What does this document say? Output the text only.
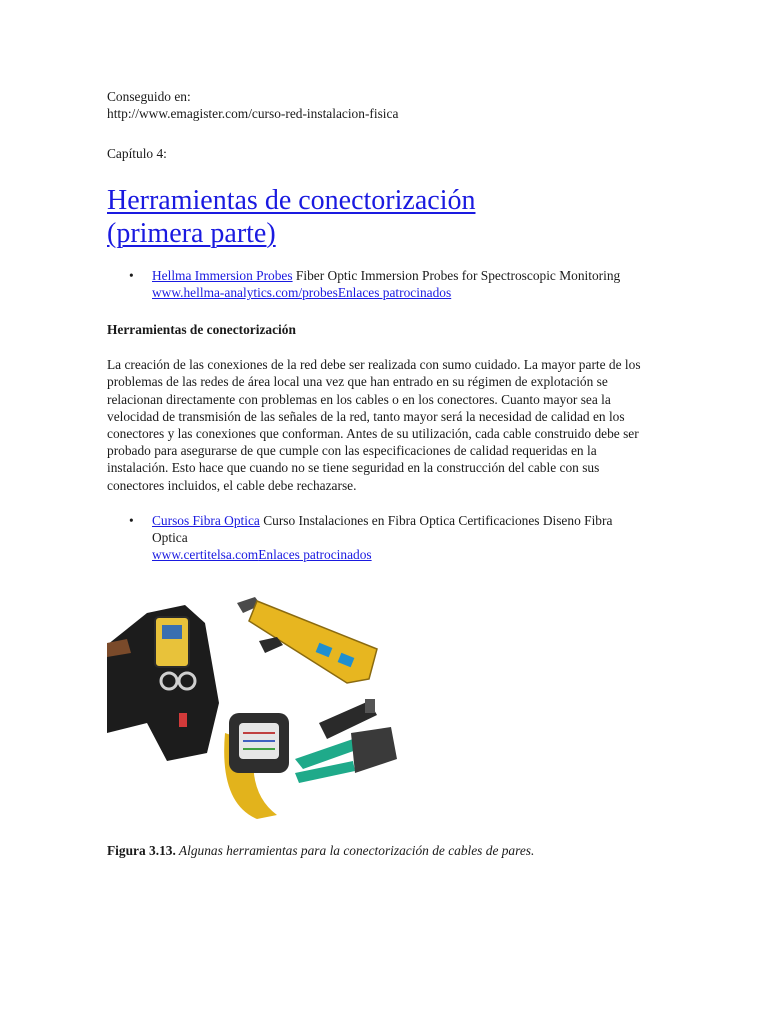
Conseguido en:
http://www.emagister.com/curso-red-instalacion-fisica
Capítulo 4:
Herramientas de conectorización
(primera parte)
• Hellma Immersion Probes Fiber Optic Immersion Probes for Spectroscopic Monitoring
www.hellma-analytics.com/probesEnlaces patrocinados
Herramientas de conectorización
La creación de las conexiones de la red debe ser realizada con sumo cuidado. La mayor parte de los problemas de las redes de área local una vez que han entrado en su régimen de explotación se relacionan directamente con problemas en los cables o en los conectores. Cuanto mayor sea la velocidad de transmisión de las señales de la red, tanto mayor será la necesidad de calidad en los conectores y las conexiones que conforman. Antes de su utilización, cada cable construido debe ser probado para asegurarse de que cumple con las especificaciones de calidad requeridas en la instalación. Esto hace que cuando no se tiene seguridad en la construcción del cable con sus conectores incluidos, el cable debe rechazarse.
• Cursos Fibra Optica Curso Instalaciones en Fibra Optica Certificaciones Diseno Fibra Optica
www.certitelsa.comEnlaces patrocinados
Figura 3.13. Algunas herramientas para la conectorización de cables de pares.
